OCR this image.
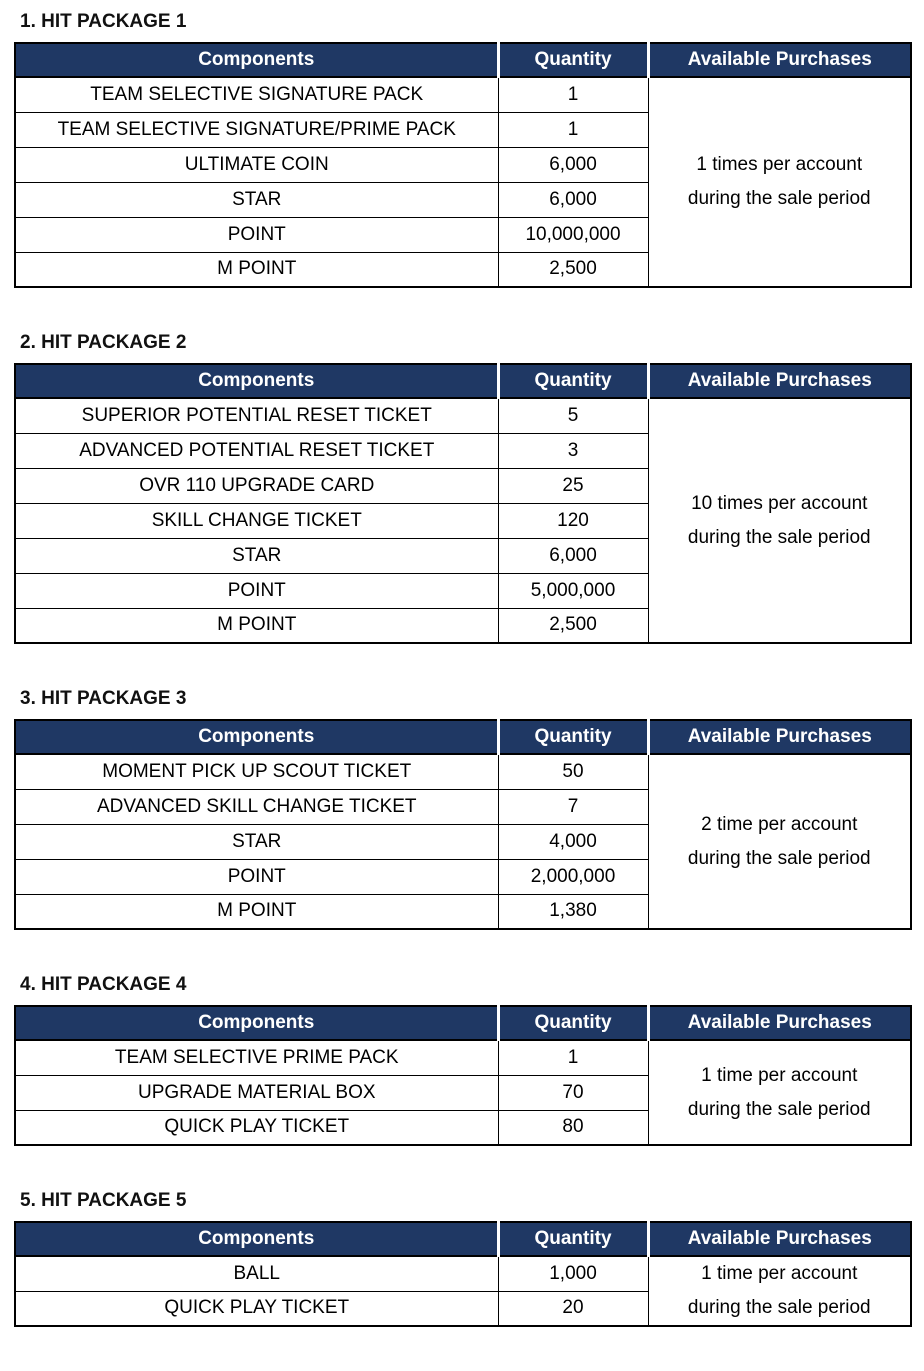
1. HIT PACKAGE 1
Components	Quantity	Available Purchases
TEAM SELECTIVE SIGNATURE PACK	1	1 times per account
during the sale period

TEAM SELECTIVE SIGNATURE/PRIME PACK	1	
ULTIMATE COIN	6,000	
STAR	6,000	
POINT	10,000,000	
M POINT	2,500	
2. HIT PACKAGE 2
Components	Quantity	Available Purchases
SUPERIOR POTENTIAL RESET TICKET	5	10 times per account
during the sale period

ADVANCED POTENTIAL RESET TICKET	3	
OVR 110 UPGRADE CARD	25	
SKILL CHANGE TICKET	120	
STAR	6,000	
POINT	5,000,000	
M POINT	2,500	
3. HIT PACKAGE 3
Components	Quantity	Available Purchases
MOMENT PICK UP SCOUT TICKET	50	2 time per account
during the sale period

ADVANCED SKILL CHANGE TICKET	7	
STAR	4,000	
POINT	2,000,000	
M POINT	1,380	
4. HIT PACKAGE 4
Components	Quantity	Available Purchases
TEAM SELECTIVE PRIME PACK	1	1 time per account
during the sale period

UPGRADE MATERIAL BOX	70	
QUICK PLAY TICKET	80	
5. HIT PACKAGE 5
Components	Quantity	Available Purchases
BALL	1,000	1 time per account
during the sale period

QUICK PLAY TICKET	20	
